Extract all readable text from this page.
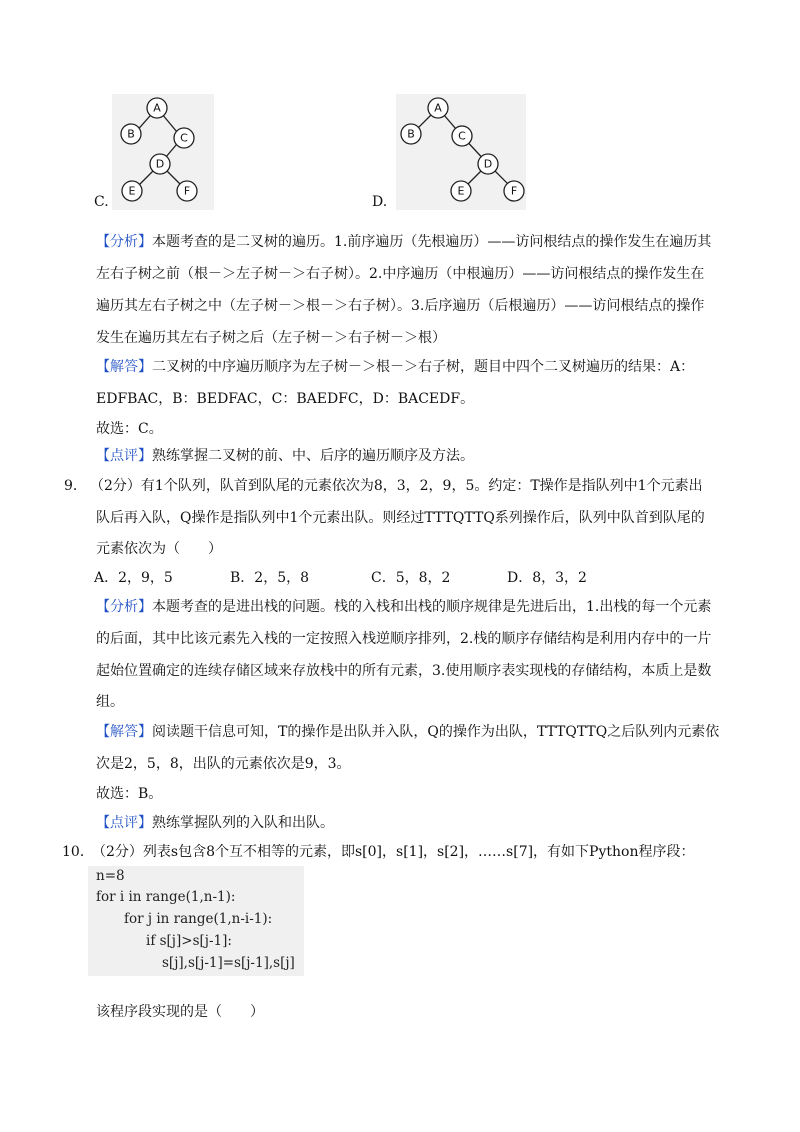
A
B	C
D
E	F
C.
A
B	C
D
E	F
D.
【分析】本题考查的是二叉树的遍历。1.前序遍历（先根遍历）——访问根结点的操作发生在遍历其
左右子树之前（根－＞左子树－＞右子树）。2.中序遍历（中根遍历）——访问根结点的操作发生在
遍历其左右子树之中（左子树－＞根－＞右子树）。3.后序遍历（后根遍历）——访问根结点的操作
发生在遍历其左右子树之后（左子树－＞右子树－＞根）
【解答】二叉树的中序遍历顺序为左子树－＞根－＞右子树，题目中四个二叉树遍历的结果：A：
EDFBAC，B：BEDFAC，C：BAEDFC，D：BACEDF。
故选：C。
【点评】熟练掌握二叉树的前、中、后序的遍历顺序及方法。
9． （2分）有1个队列，队首到队尾的元素依次为8，3，2，9，5。约定：T操作是指队列中1个元素出
队后再入队，Q操作是指队列中1个元素出队。则经过TTTQTTQ系列操作后，队列中队首到队尾的
元素依次为（　　）
A．2，9，5	B．2，5，8	C．5，8，2	D．8，3，2
【分析】本题考查的是进出栈的问题。栈的入栈和出栈的顺序规律是先进后出，1.出栈的每一个元素
的后面，其中比该元素先入栈的一定按照入栈逆顺序排列，2.栈的顺序存储结构是利用内存中的一片
起始位置确定的连续存储区域来存放栈中的所有元素，3.使用顺序表实现栈的存储结构，本质上是数
组。
【解答】阅读题干信息可知，T的操作是出队并入队，Q的操作为出队，TTTQTTQ之后队列内元素依
次是2，5，8，出队的元素依次是9，3。
故选：B。
【点评】熟练掌握队列的入队和出队。
10．
（2分）列表s包含8个互不相等的元素，即s[0]，s[1]，s[2]，……s[7]，有如下Python程序段：
n=8
for i in range(1,n-1):
for j in range(1,n-i-1):
if s[j]>s[j-1]:
s[j],s[j-1]=s[j-1],s[j]
该程序段实现的是（　　）
